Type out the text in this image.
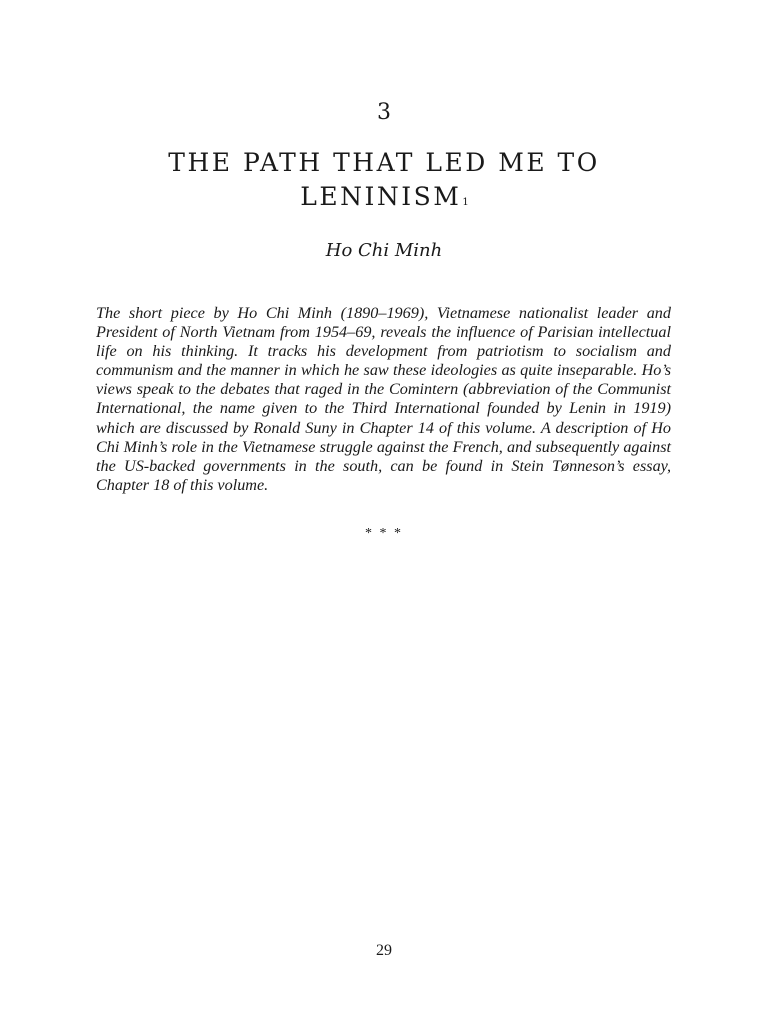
3
THE PATH THAT LED ME TO
LENINISM$^1$
Ho Chi Minh

The short piece by Ho Chi Minh (1890–1969), Vietnamese nationalist leader and President of North Vietnam from 1954–69, reveals the influence of Parisian intellectual life on his thinking. It tracks his development from patriotism to socialism and communism and the manner in which he saw these ideologies as quite inseparable. Ho’s views speak to the debates that raged in the Comintern (abbreviation of the Communist International, the name given to the Third International founded by Lenin in 1919) which are discussed by Ronald Suny in Chapter 14 of this volume. A description of Ho Chi Minh’s role in the Vietnamese struggle against the French, and subsequently against the US-backed governments in the south, can be found in Stein Tønneson’s essay, Chapter 18 of this volume.

* * *
29
